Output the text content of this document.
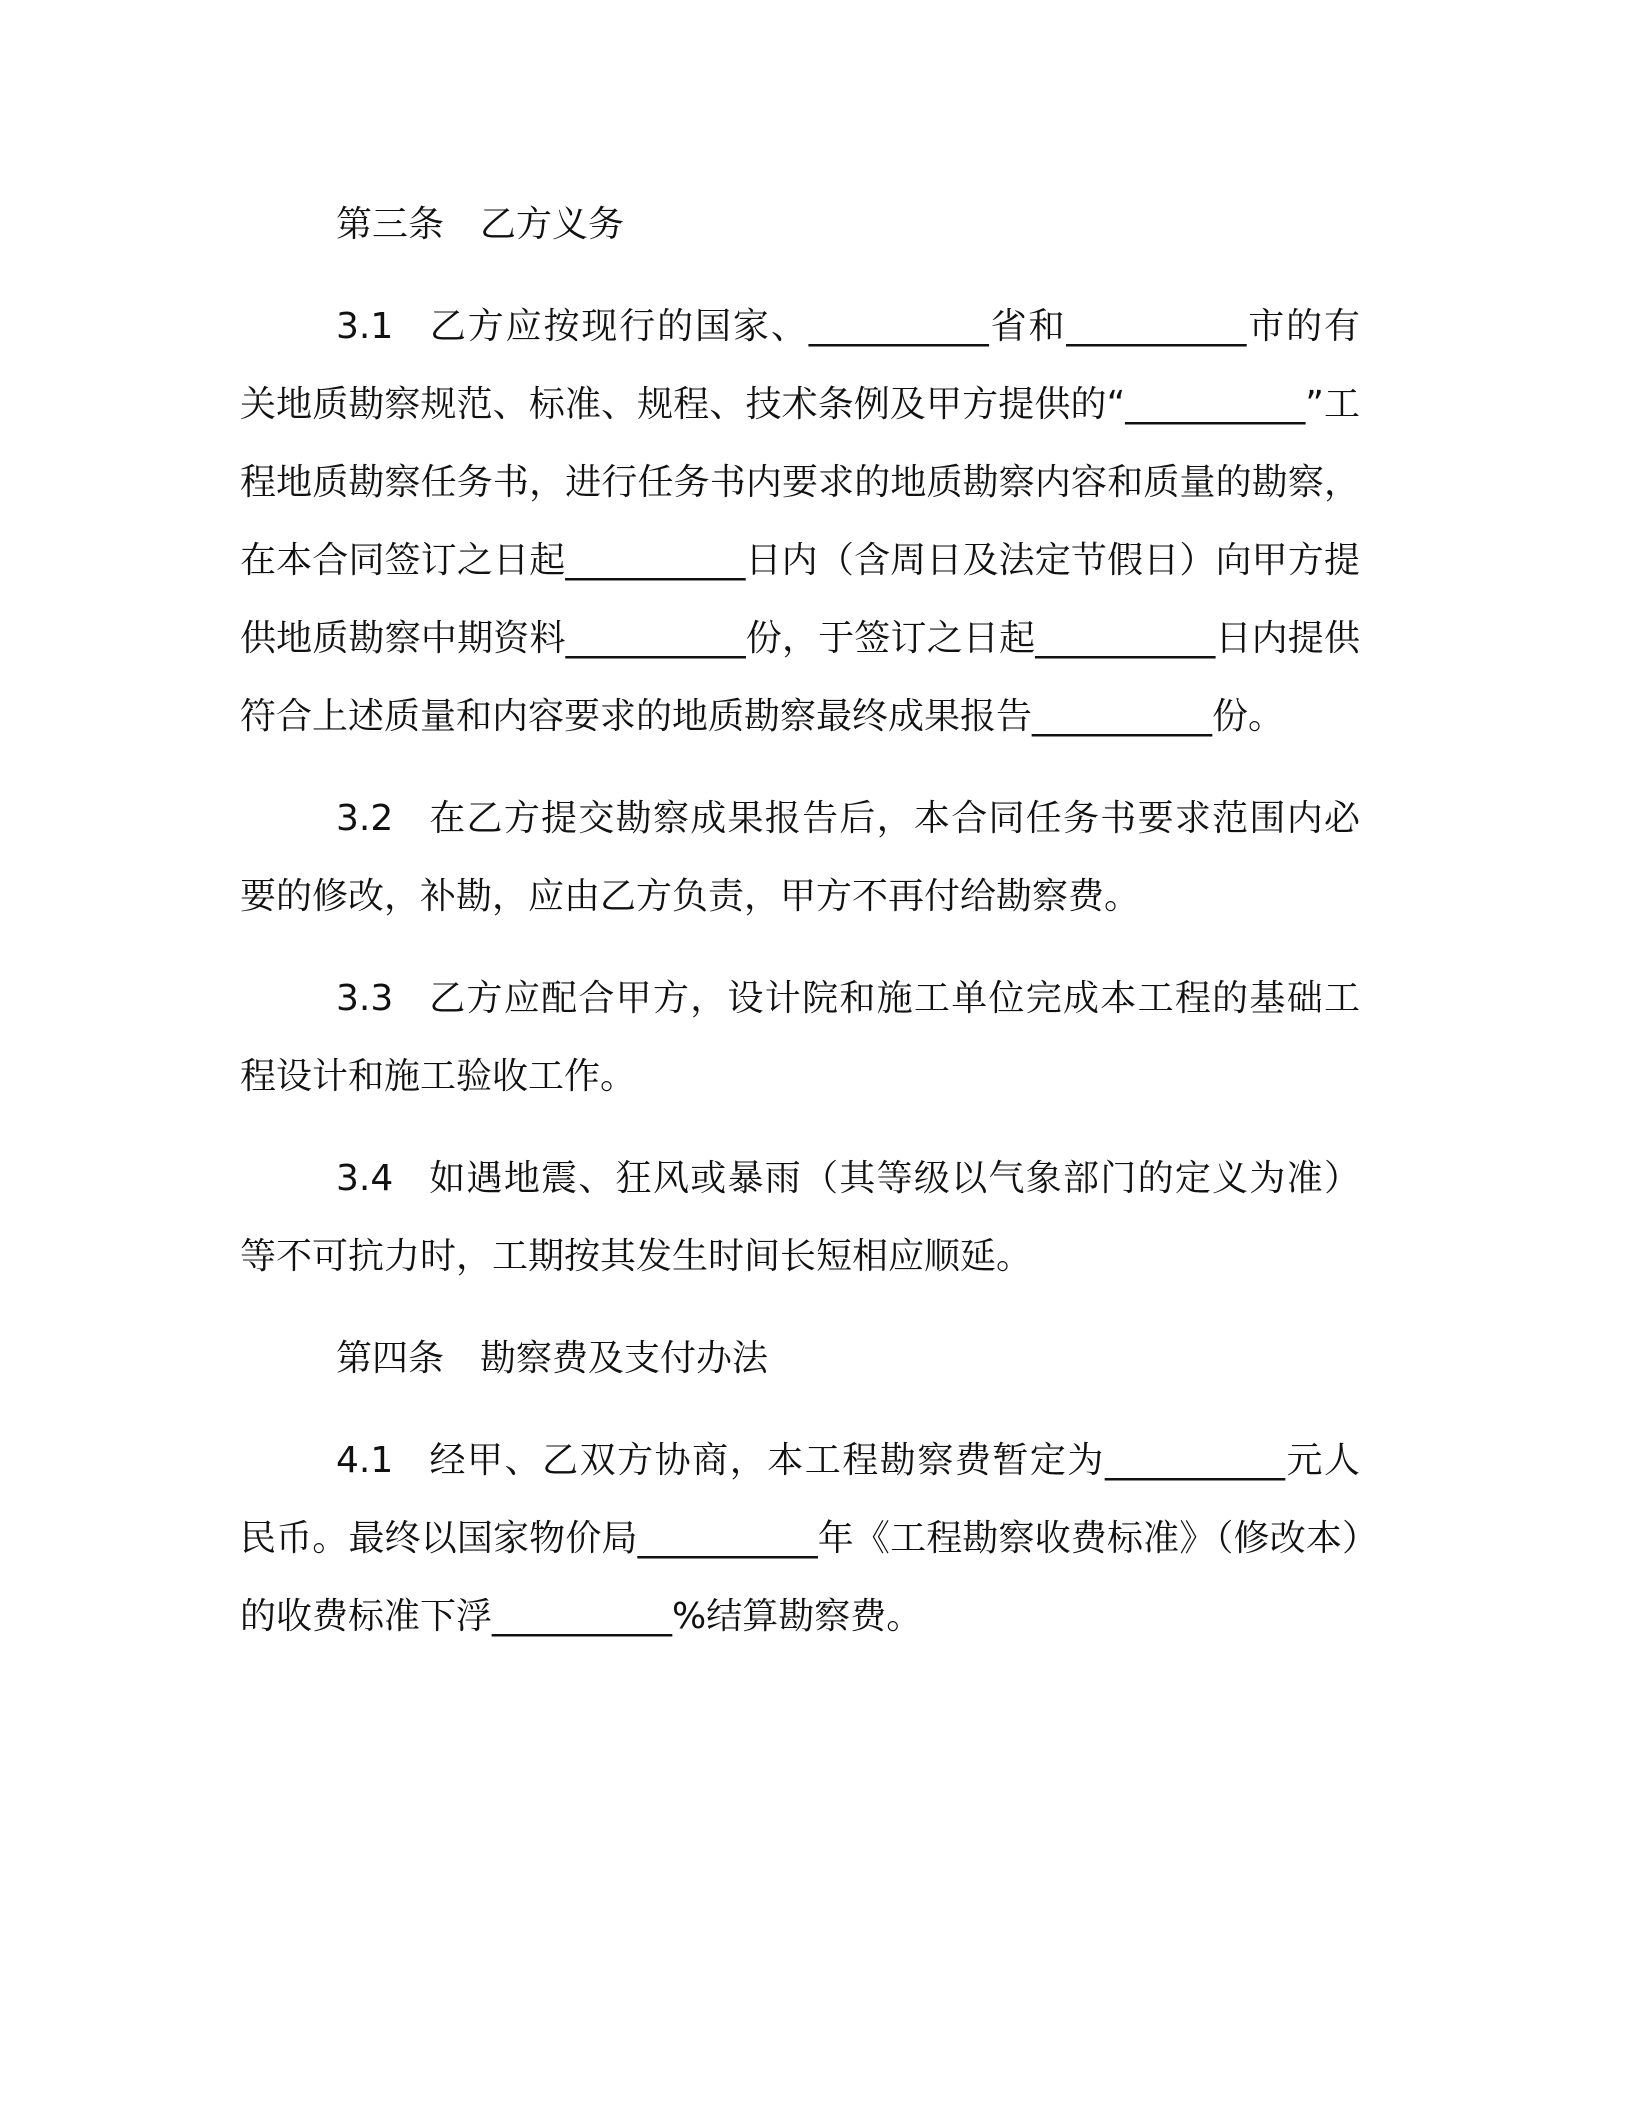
第三条　乙方义务

3.1 乙方应按现行的国家、__________省和__________市的有关地质勘察规范、标准、规程、技术条例及甲方提供的“__________”工程地质勘察任务书，进行任务书内要求的地质勘察内容和质量的勘察，在本合同签订之日起__________日内（含周日及法定节假日）向甲方提供地质勘察中期资料__________份，于签订之日起__________日内提供符合上述质量和内容要求的地质勘察最终成果报告__________份。

3.2 在乙方提交勘察成果报告后，本合同任务书要求范围内必要的修改，补勘，应由乙方负责，甲方不再付给勘察费。

3.3 乙方应配合甲方，设计院和施工单位完成本工程的基础工程设计和施工验收工作。

3.4 如遇地震、狂风或暴雨（其等级以气象部门的定义为准）等不可抗力时，工期按其发生时间长短相应顺延。

第四条　勘察费及支付办法

4.1 经甲、乙双方协商，本工程勘察费暂定为__________元人民币。最终以国家物价局__________年《工程勘察收费标准》（修改本）的收费标准下浮__________%结算勘察费。
